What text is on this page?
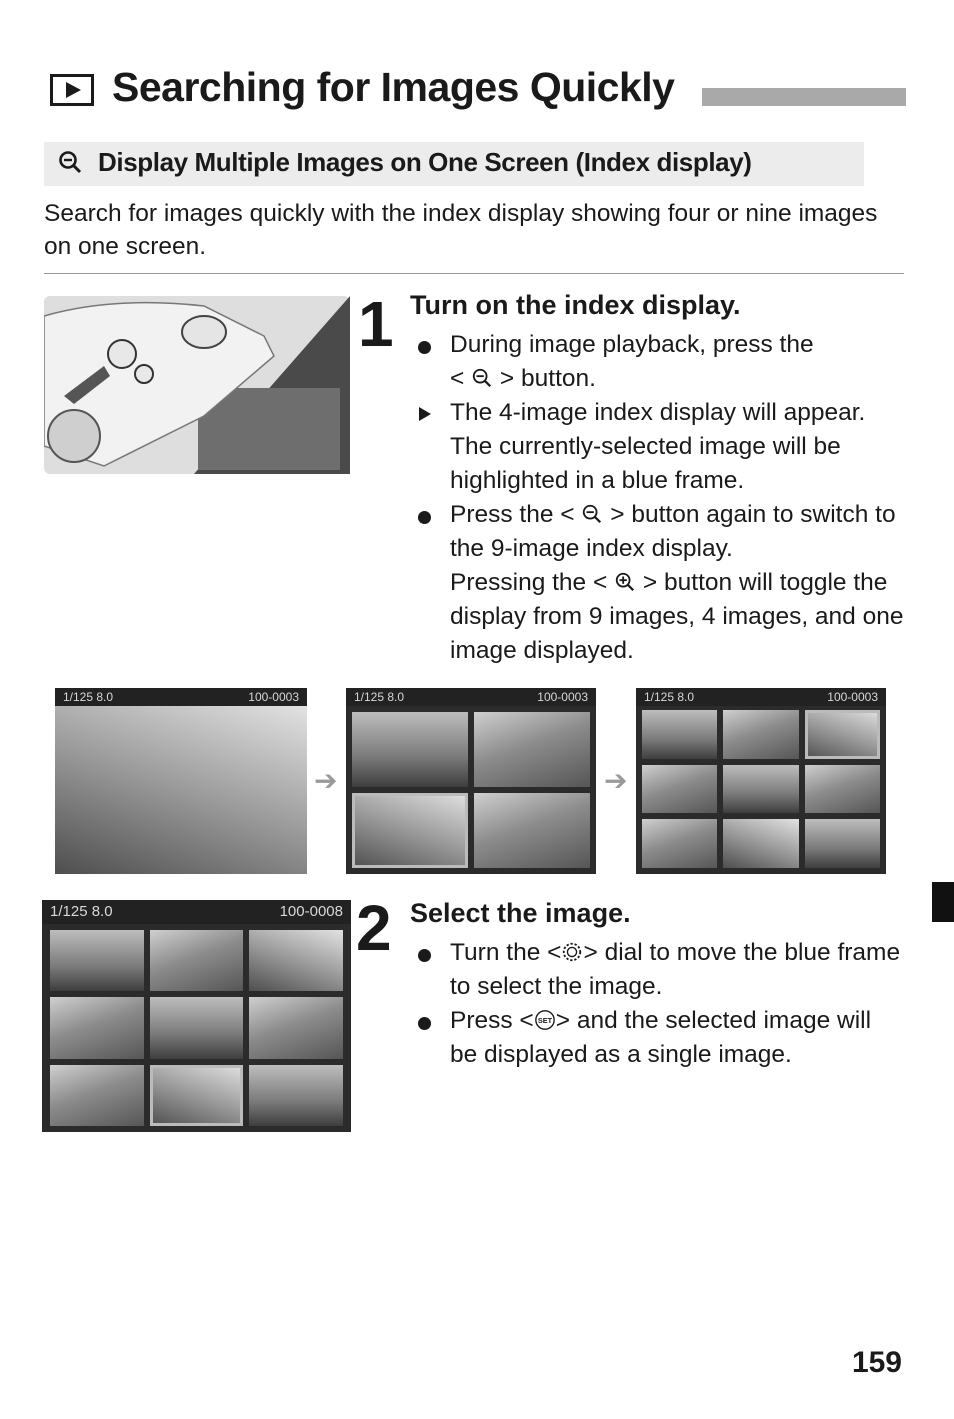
Searching for Images Quickly
Display Multiple Images on One Screen (Index display)
Search for images quickly with the index display showing four or nine images on one screen.
1 Turn on the index display.
During image playback, press the
<  > button.
The 4-image index display will appear. The currently-selected image will be highlighted in a blue frame.
Press the <  > button again to switch to the 9-image index display.
Pressing the <  > button will toggle the display from 9 images, 4 images, and one image displayed.
1/125 8.0	100-0003
➔
1/125 8.0	100-0003
➔
1/125 8.0	100-0003
1/125 8.0	100-0008 2 Select the image.
Turn the < > dial to move the blue frame to select the image.
Press < SET > and the selected image will be displayed as a single image.
159
